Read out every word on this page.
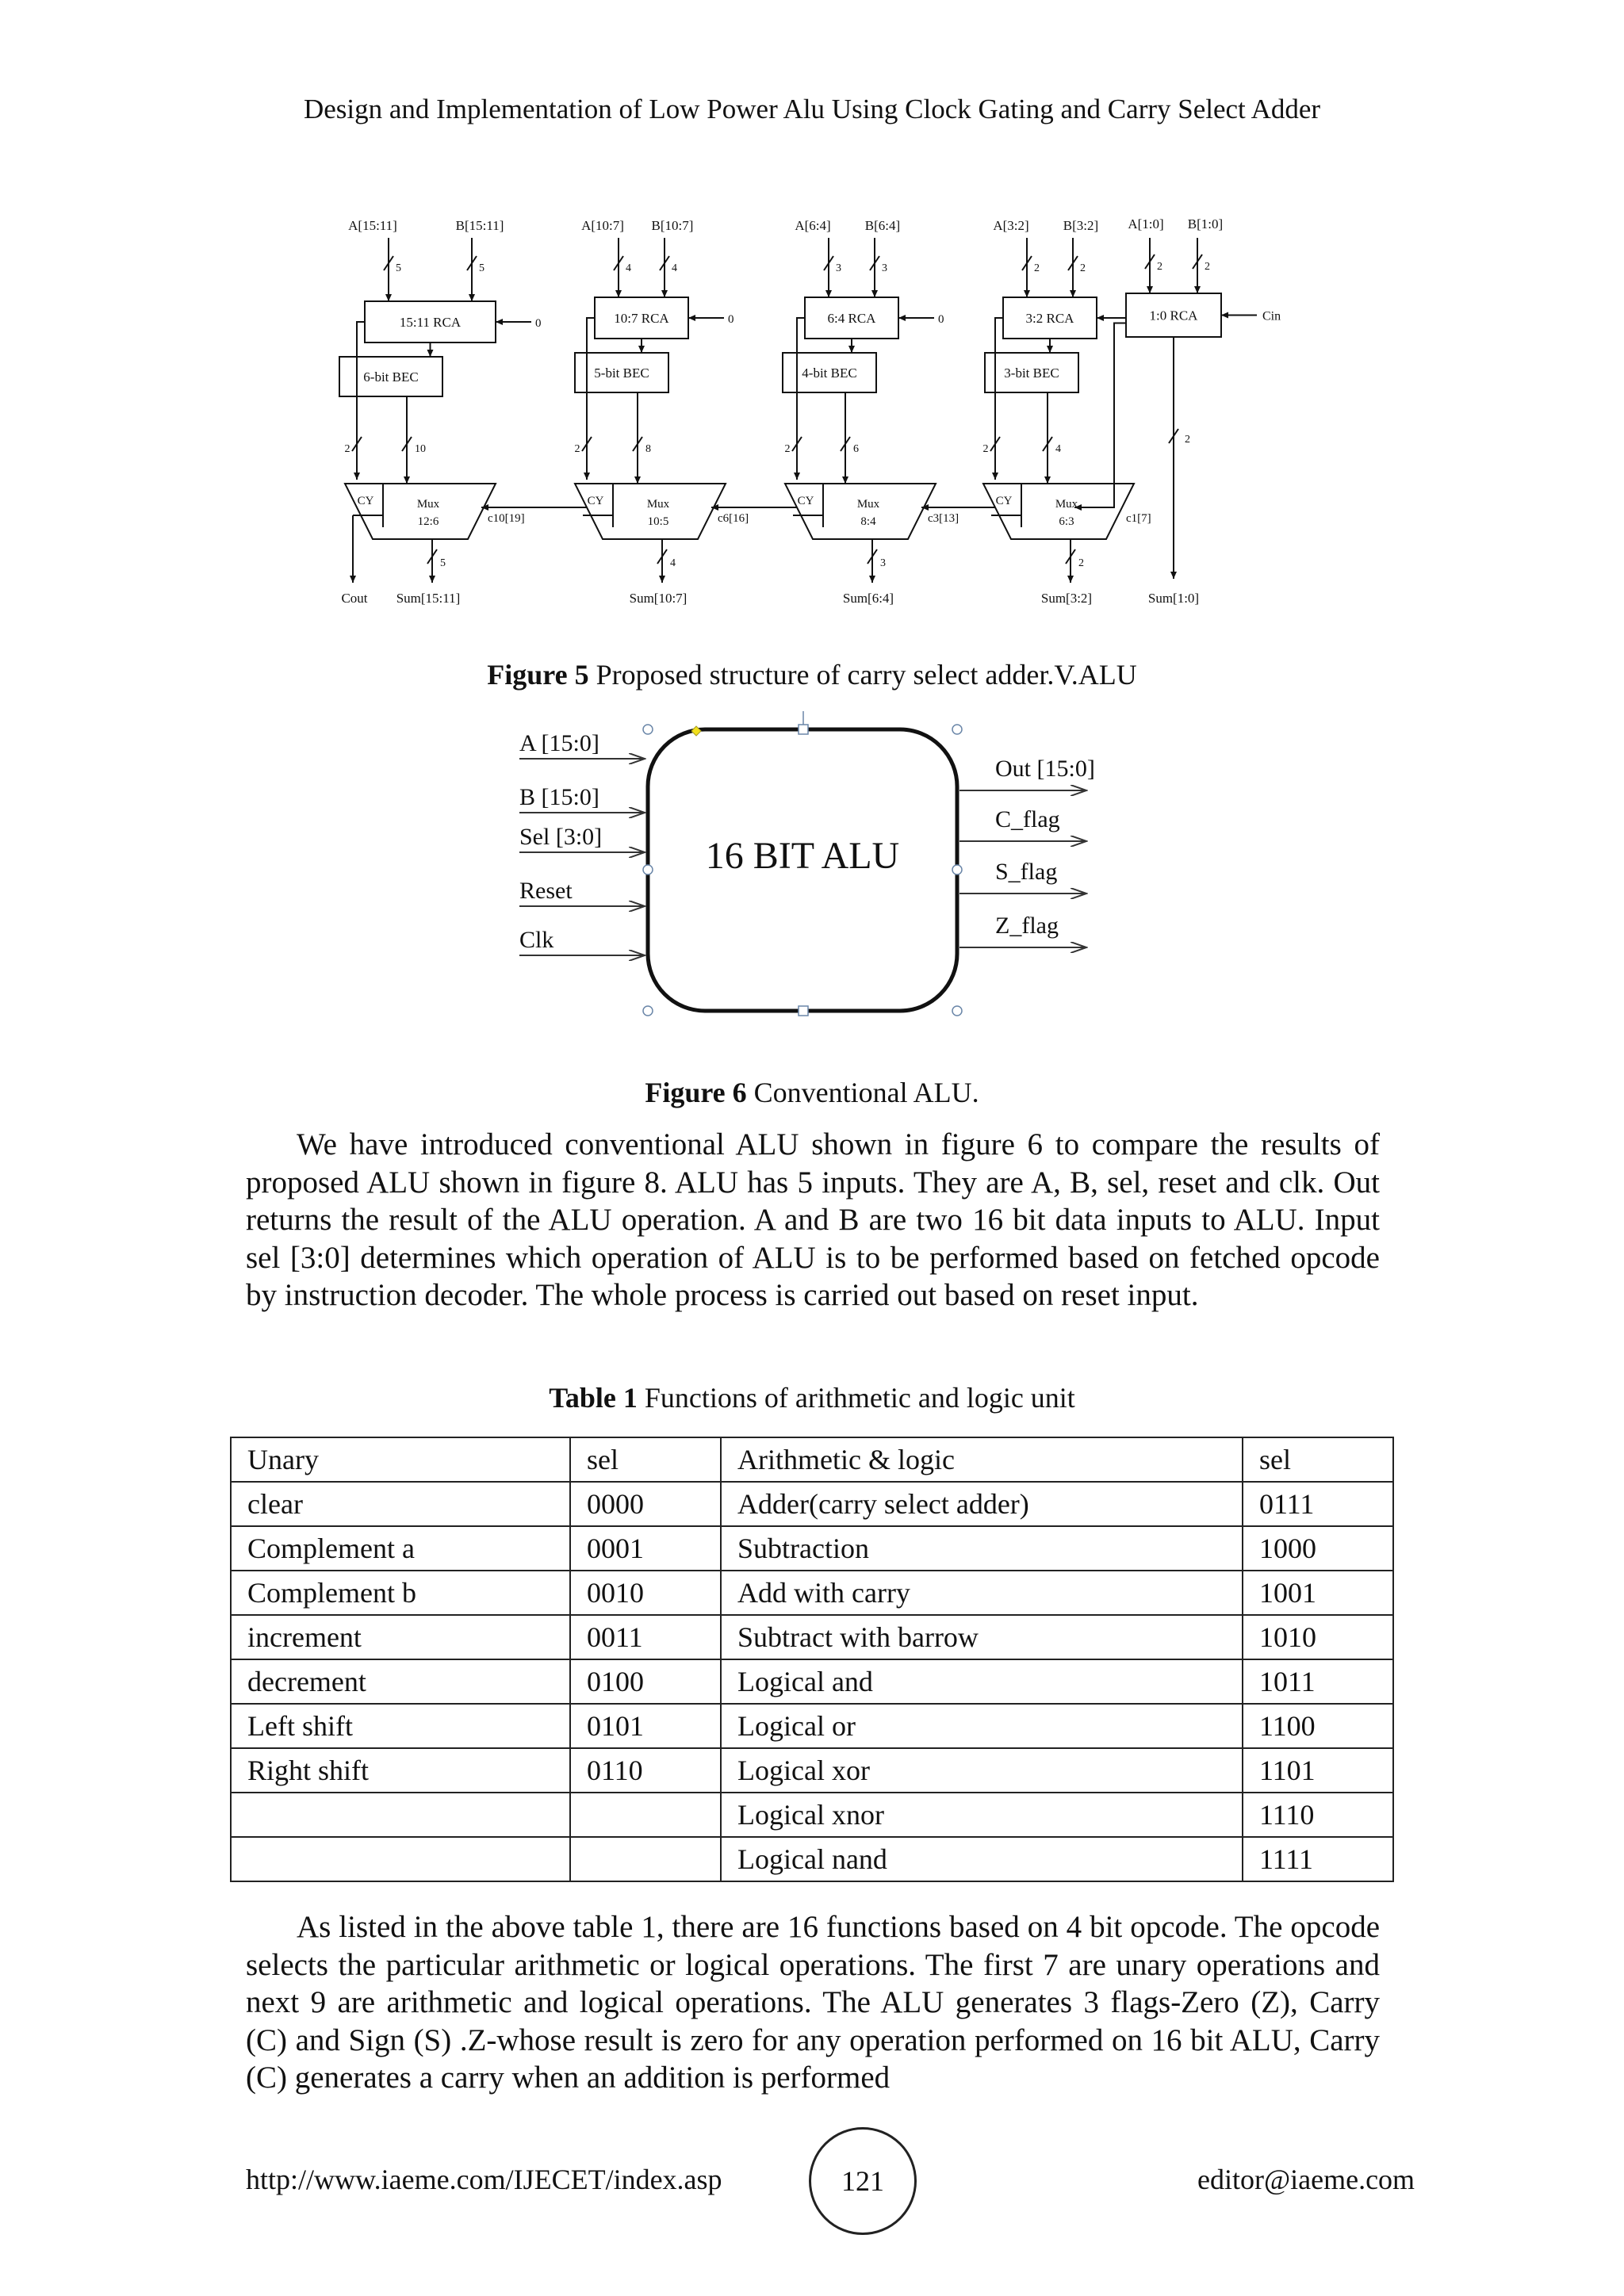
Design and Implementation of Low Power Alu Using Clock Gating and Carry Select Adder
A[15:11]	B[15:11]
5	5
15:11 RCA	0
6-bit BEC
2	10
CY	Mux
12:6
5
Sum[15:11]
c10[19]
Cout
A[10:7] B[10:7]
4	4
10:7 RCA	0
5-bit BEC
2	8
CY	Mux
10:5
4
Sum[10:7]
c6[16]
A[6:4]	B[6:4]
3	3
6:4 RCA	0
4-bit BEC
2	6
CY	Mux
8:4
3
Sum[6:4]
c3[13]
A[3:2]	B[3:2]
2	2
3:2 RCA
3-bit BEC
2	4
CY	Mux
6:3
2
Sum[3:2]
c1[7]
A[1:0] B[1:0]
2	2
1:0 RCA	Cin
2
Sum[1:0]
Figure 5 Proposed structure of carry select adder.V.ALU
16 BIT ALU
A [15:0]
B [15:0]
Sel [3:0]
Reset
Clk
Out [15:0]
C_flag
S_flag
Z_flag
Figure 6 Conventional ALU.

We have introduced conventional ALU shown in figure 6 to compare the results of proposed ALU shown in figure 8. ALU has 5 inputs. They are A, B, sel, reset and clk. Out returns the result of the ALU operation. A and B are two 16 bit data inputs to ALU. Input sel [3:0] determines which operation of ALU is to be performed based on fetched opcode by instruction decoder. The whole process is carried out based on reset input.

Table 1 Functions of arithmetic and logic unit
Unary	sel	Arithmetic & logic	sel
clear	0000	Adder(carry select adder)	0111
Complement a	0001	Subtraction	1000
Complement b	0010	Add with carry	1001
increment	0011	Subtract with barrow	1010
decrement	0100	Logical and	1011
Left shift	0101	Logical or	1100
Right shift	0110	Logical xor	1101
		Logical xnor	1110
		Logical nand	1111

As listed in the above table 1, there are 16 functions based on 4 bit opcode. The opcode selects the particular arithmetic or logical operations. The first 7 are unary operations and next 9 are arithmetic and logical operations. The ALU generates 3 flags-Zero (Z), Carry (C) and Sign (S) .Z-whose result is zero for any operation performed on 16 bit ALU, Carry (C) generates a carry when an addition is performed

http://www.iaeme.com/IJECET/index.asp	121	editor@iaeme.com
